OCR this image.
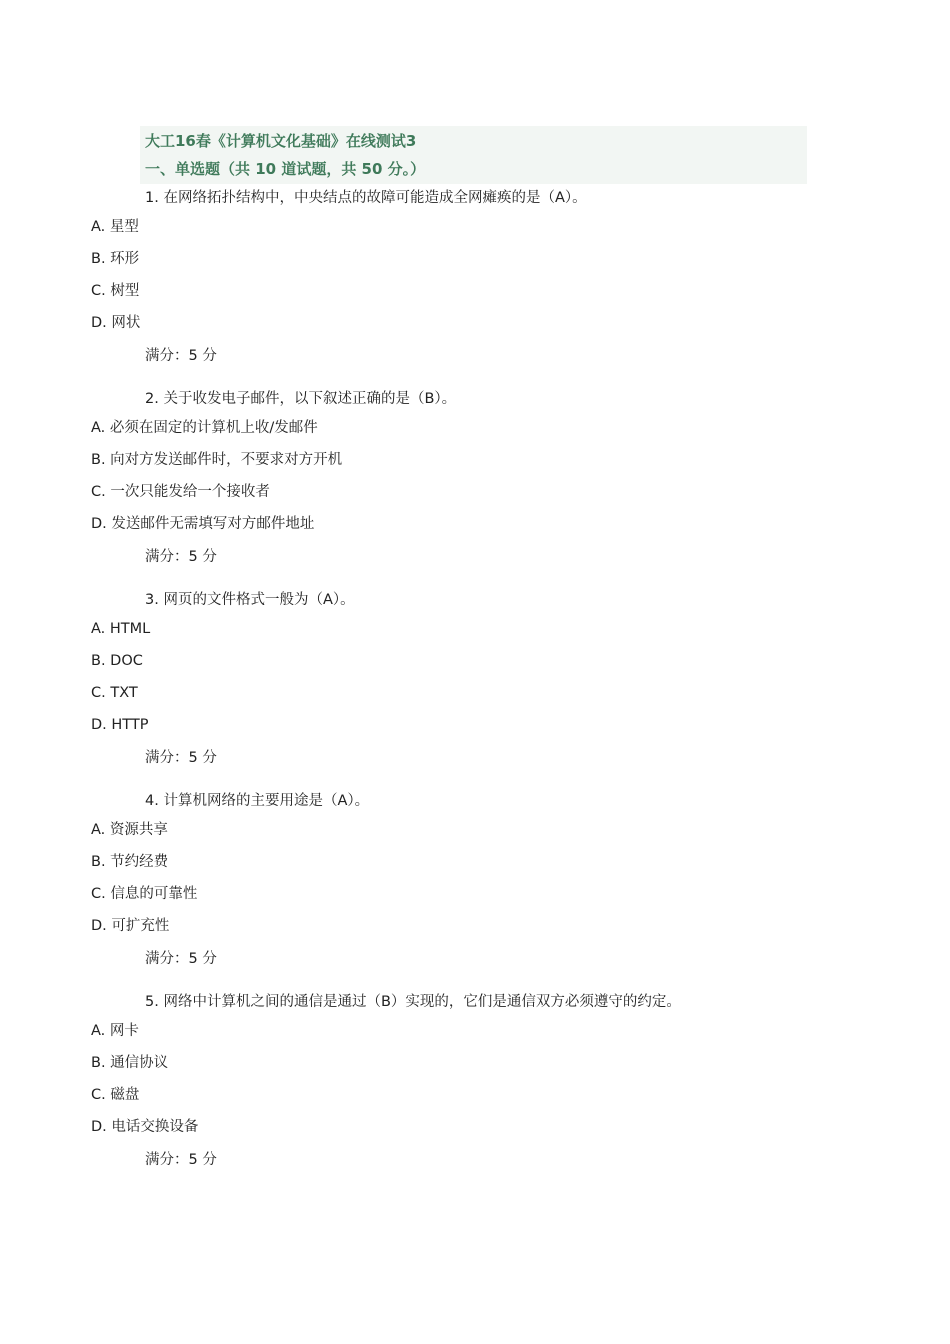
大工16春《计算机文化基础》在线测试3
一、单选题（共 10 道试题，共 50 分。）
1. 在网络拓扑结构中，中央结点的故障可能造成全网瘫痪的是（A）。
A. 星型
B. 环形
C. 树型
D. 网状
满分：5 分
2. 关于收发电子邮件，以下叙述正确的是（B）。
A. 必须在固定的计算机上收/发邮件
B. 向对方发送邮件时，不要求对方开机
C. 一次只能发给一个接收者
D. 发送邮件无需填写对方邮件地址
满分：5 分
3. 网页的文件格式一般为（A）。
A. HTML
B. DOC
C. TXT
D. HTTP
满分：5 分
4. 计算机网络的主要用途是（A）。
A. 资源共享
B. 节约经费
C. 信息的可靠性
D. 可扩充性
满分：5 分
5. 网络中计算机之间的通信是通过（B）实现的，它们是通信双方必须遵守的约定。
A. 网卡
B. 通信协议
C. 磁盘
D. 电话交换设备
满分：5 分
